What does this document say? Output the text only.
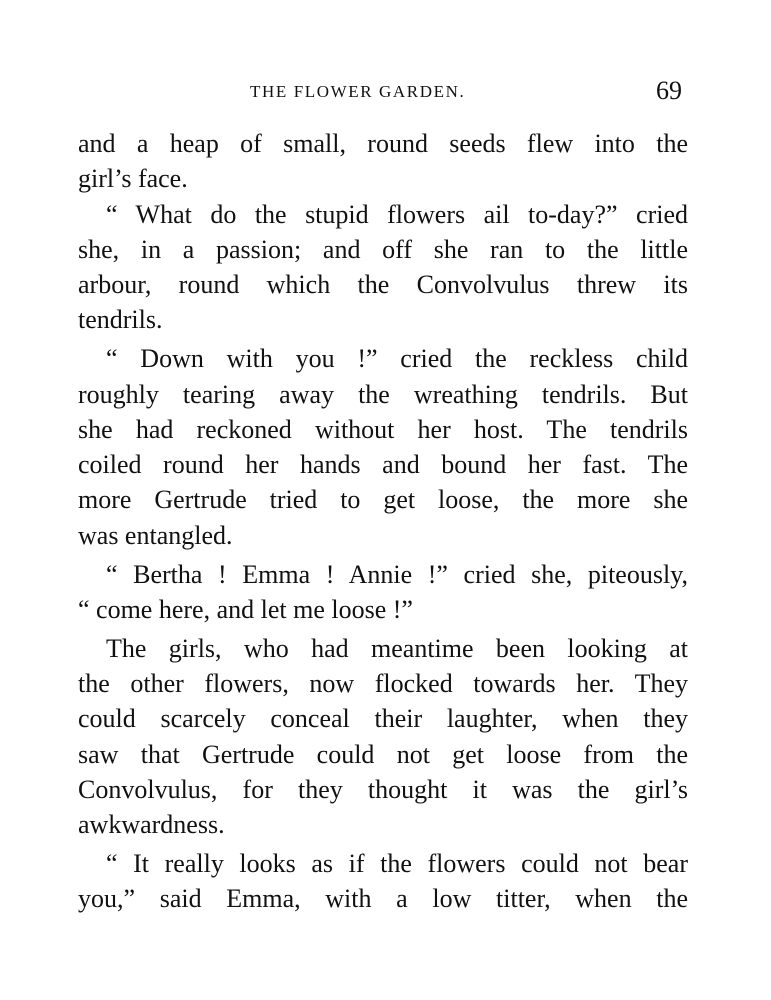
THE FLOWER GARDEN.	69
and a heap of small, round seeds flew into the
girl’s face.
“ What do the stupid flowers ail to-day?” cried
she, in a passion; and off she ran to the little
arbour, round which the Convolvulus threw its
tendrils.
“ Down with you !” cried the reckless child
roughly tearing away the wreathing tendrils. But
she had reckoned without her host. The tendrils
coiled round her hands and bound her fast. The
more Gertrude tried to get loose, the more she
was entangled.
“ Bertha ! Emma ! Annie !” cried she, piteously,
“ come here, and let me loose !”
The girls, who had meantime been looking at
the other flowers, now flocked towards her. They
could scarcely conceal their laughter, when they
saw that Gertrude could not get loose from the
Convolvulus, for they thought it was the girl’s
awkwardness.
“ It really looks as if the flowers could not bear
you,” said Emma, with a low titter, when the
